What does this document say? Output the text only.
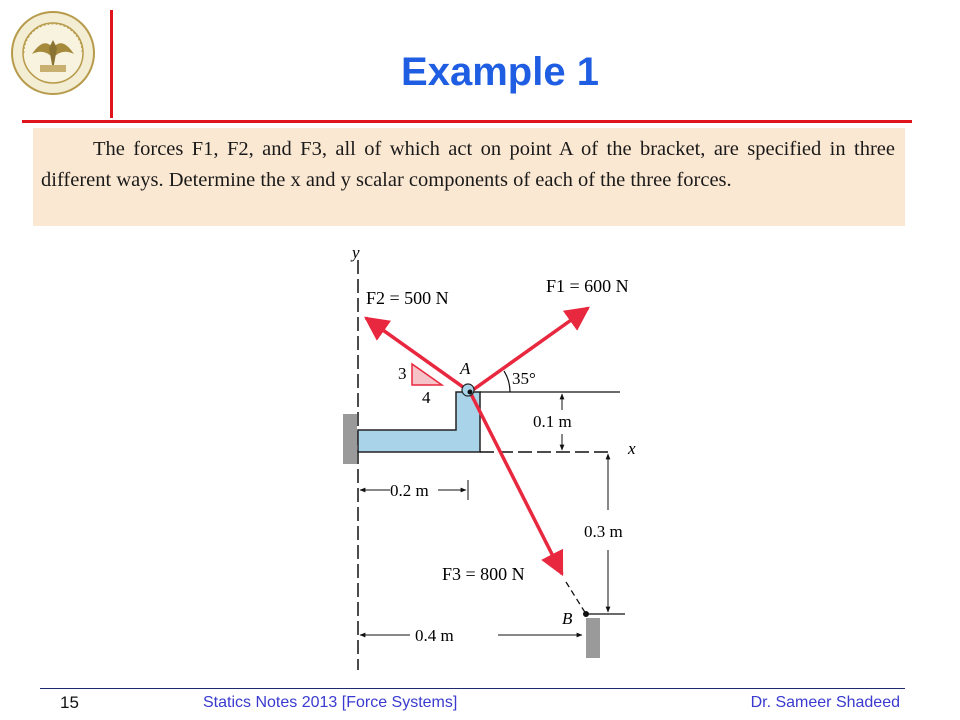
Example 1

The forces F1, F2, and F3, all of which act on point A of the bracket, are specified in three different ways. Determine the x and y scalar components of each of the three forces.

y
x
0.1 m
0.3 m
0.2 m
0.4 m
3
4
35°
A
B
F2 = 500 N
F1 = 600 N
F3 = 800 N
15	Statics Notes 2013 [Force Systems]	Dr. Sameer Shadeed
